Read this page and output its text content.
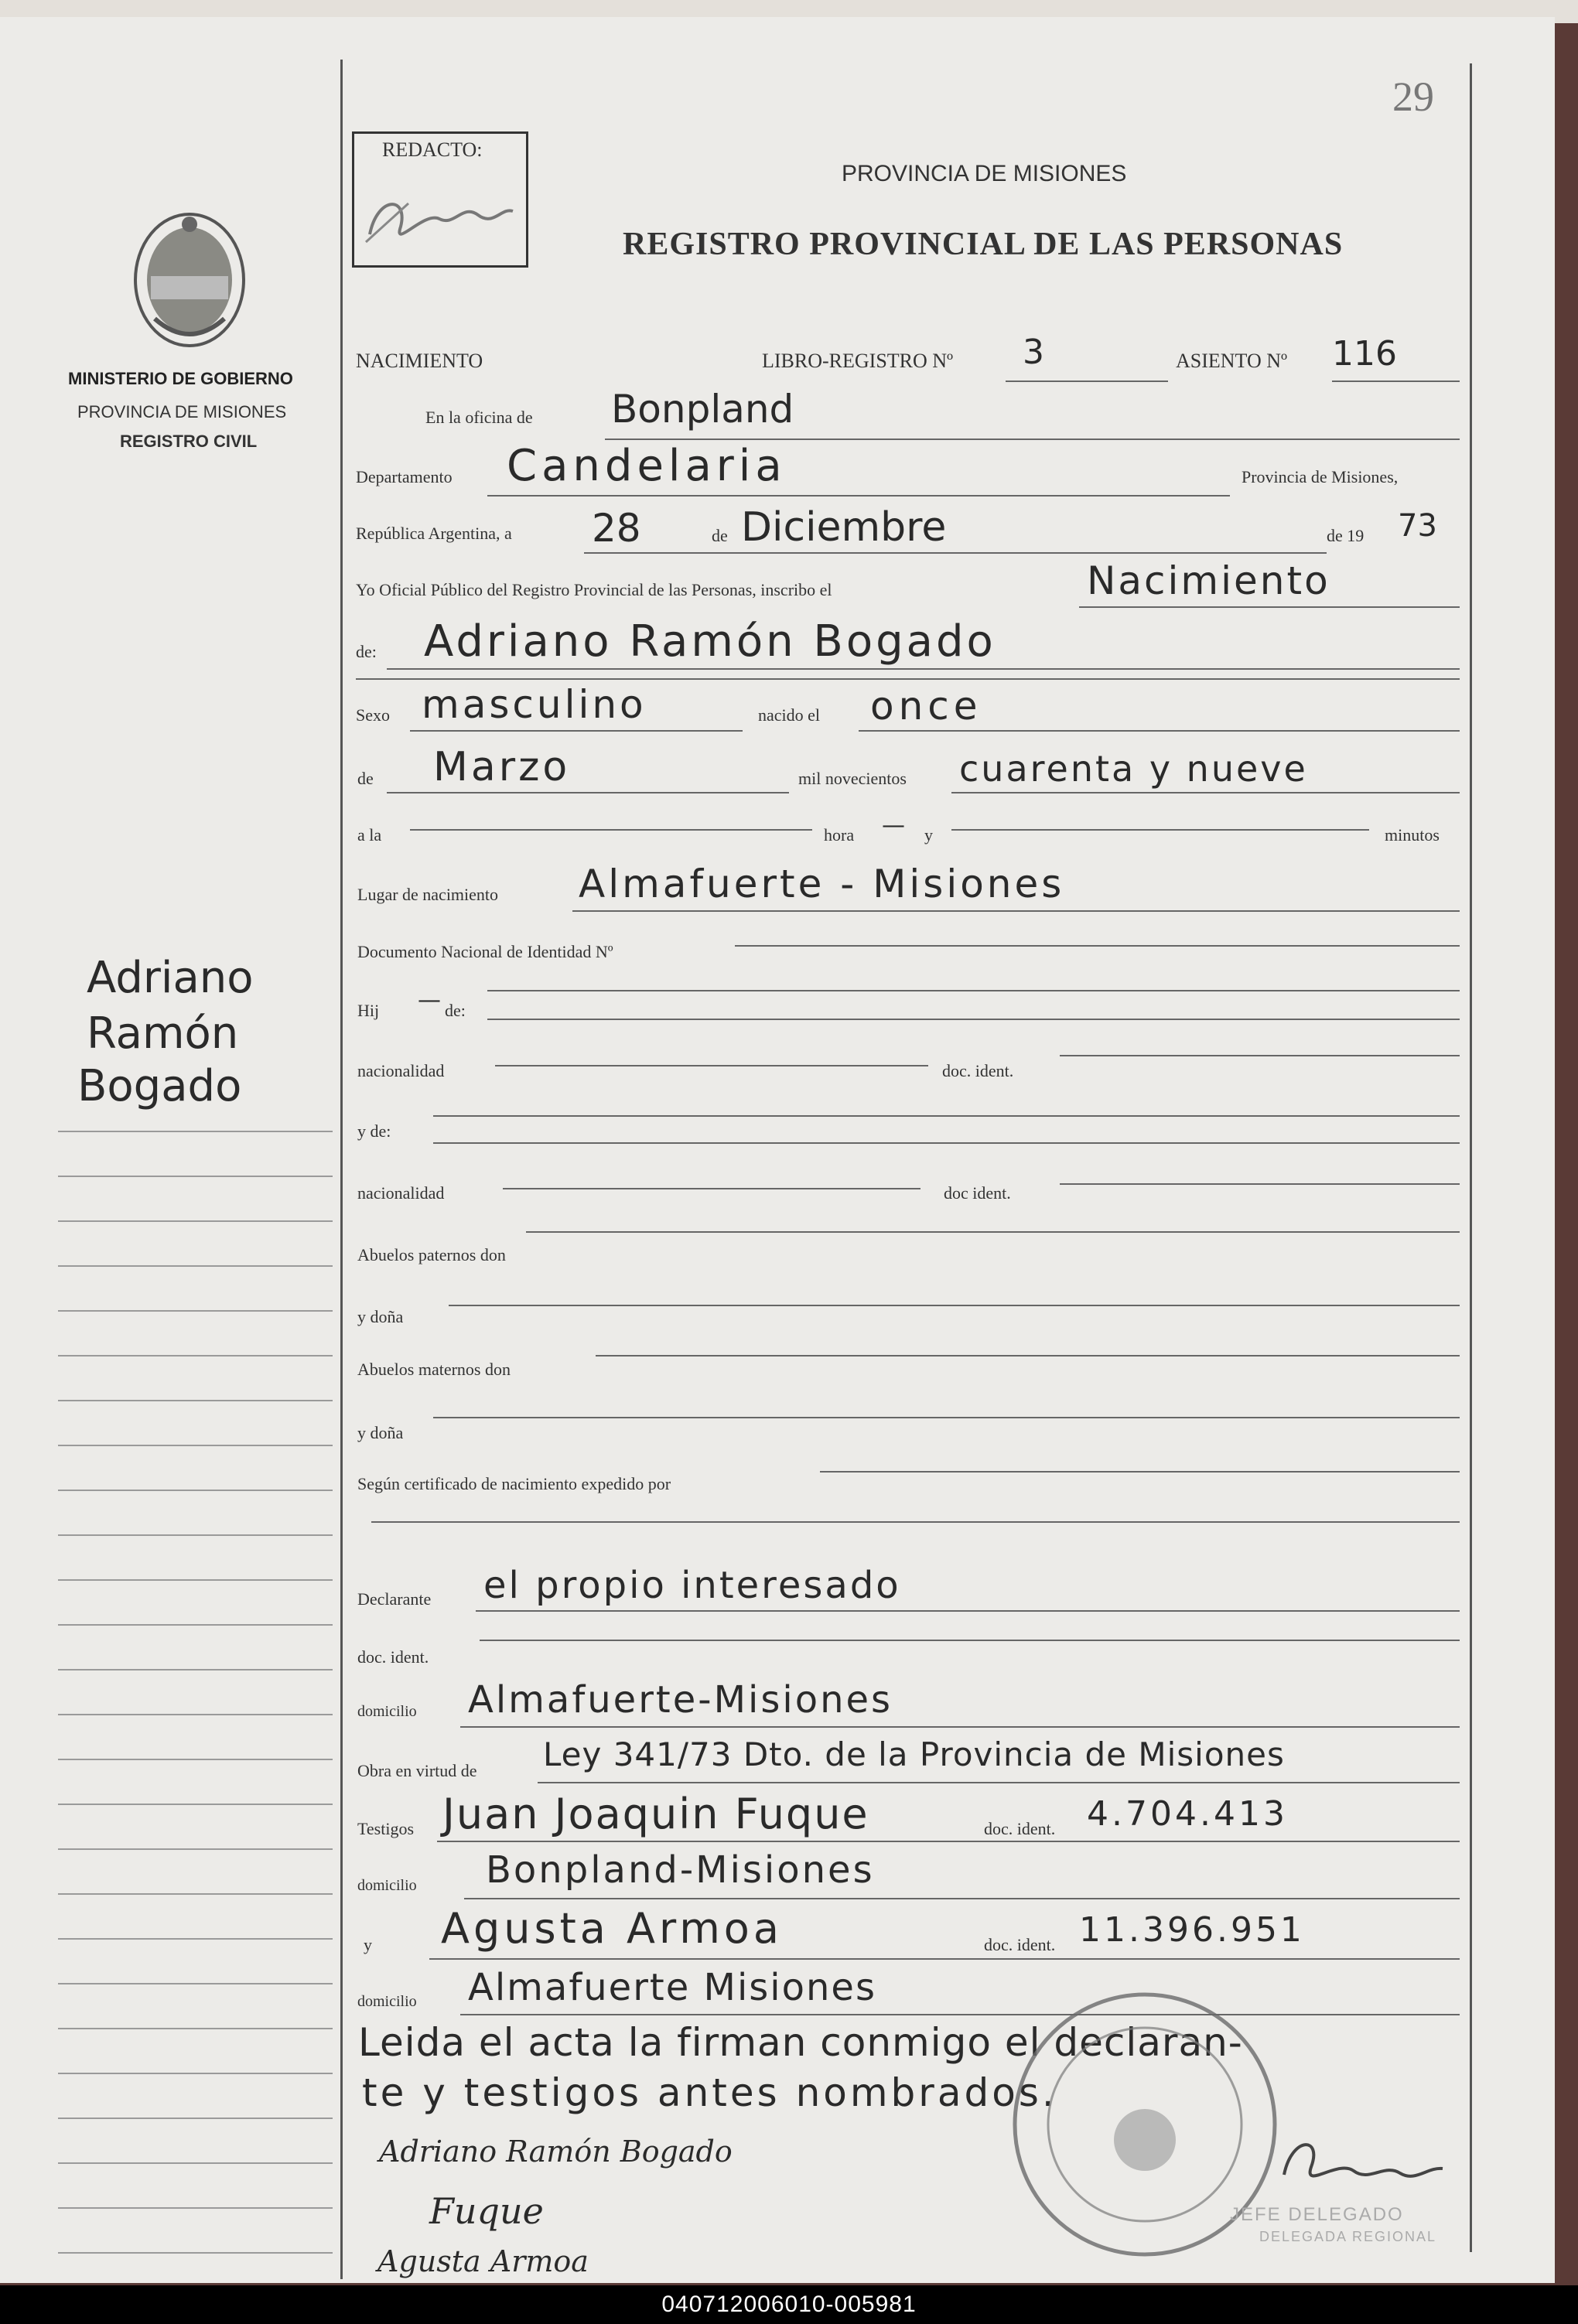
29
REDACTO:
PROVINCIA DE MISIONES
REGISTRO PROVINCIAL DE LAS PERSONAS
MINISTERIO DE GOBIERNO
PROVINCIA DE MISIONES
REGISTRO CIVIL
Adriano
Ramón
Bogado
NACIMIENTO	LIBRO-REGISTRO Nº 3	ASIENTO Nº 116
En la oficina de Bonpland
Departamento Candelaria	Provincia de Misiones,
República Argentina, a 28	de Diciembre	de 19 73
Yo Oficial Público del Registro Provincial de las Personas, inscribo el	Nacimiento
de: Adriano Ramón Bogado
Sexo masculino	nacido el once
de Marzo	mil novecientos cuarenta y nueve
a la	hora — y	minutos
Lugar de nacimiento Almafuerte - Misiones
Documento Nacional de Identidad Nº
Hij — de:
nacionalidad	doc. ident.
y de:
nacionalidad	doc ident.
Abuelos paternos don
y doña
Abuelos maternos don
y doña
Según certificado de nacimiento expedido por
Declarante el propio interesado
doc. ident.
domicilio Almafuerte-Misiones
Obra en virtud de Ley 341/73 Dto. de la Provincia de Misiones
Testigos Juan Joaquin Fuque	doc. ident. 4.704.413
domicilio Bonpland-Misiones
y Agusta Armoa	doc. ident. 11.396.951
domicilio Almafuerte Misiones
Leida el acta la firman conmigo el declaran-
te y testigos antes nombrados.
Adriano Ramón Bogado
Fuque
Agusta Armoa
JEFE DELEGADO
DELEGADA REGIONAL
040712006010-005981
